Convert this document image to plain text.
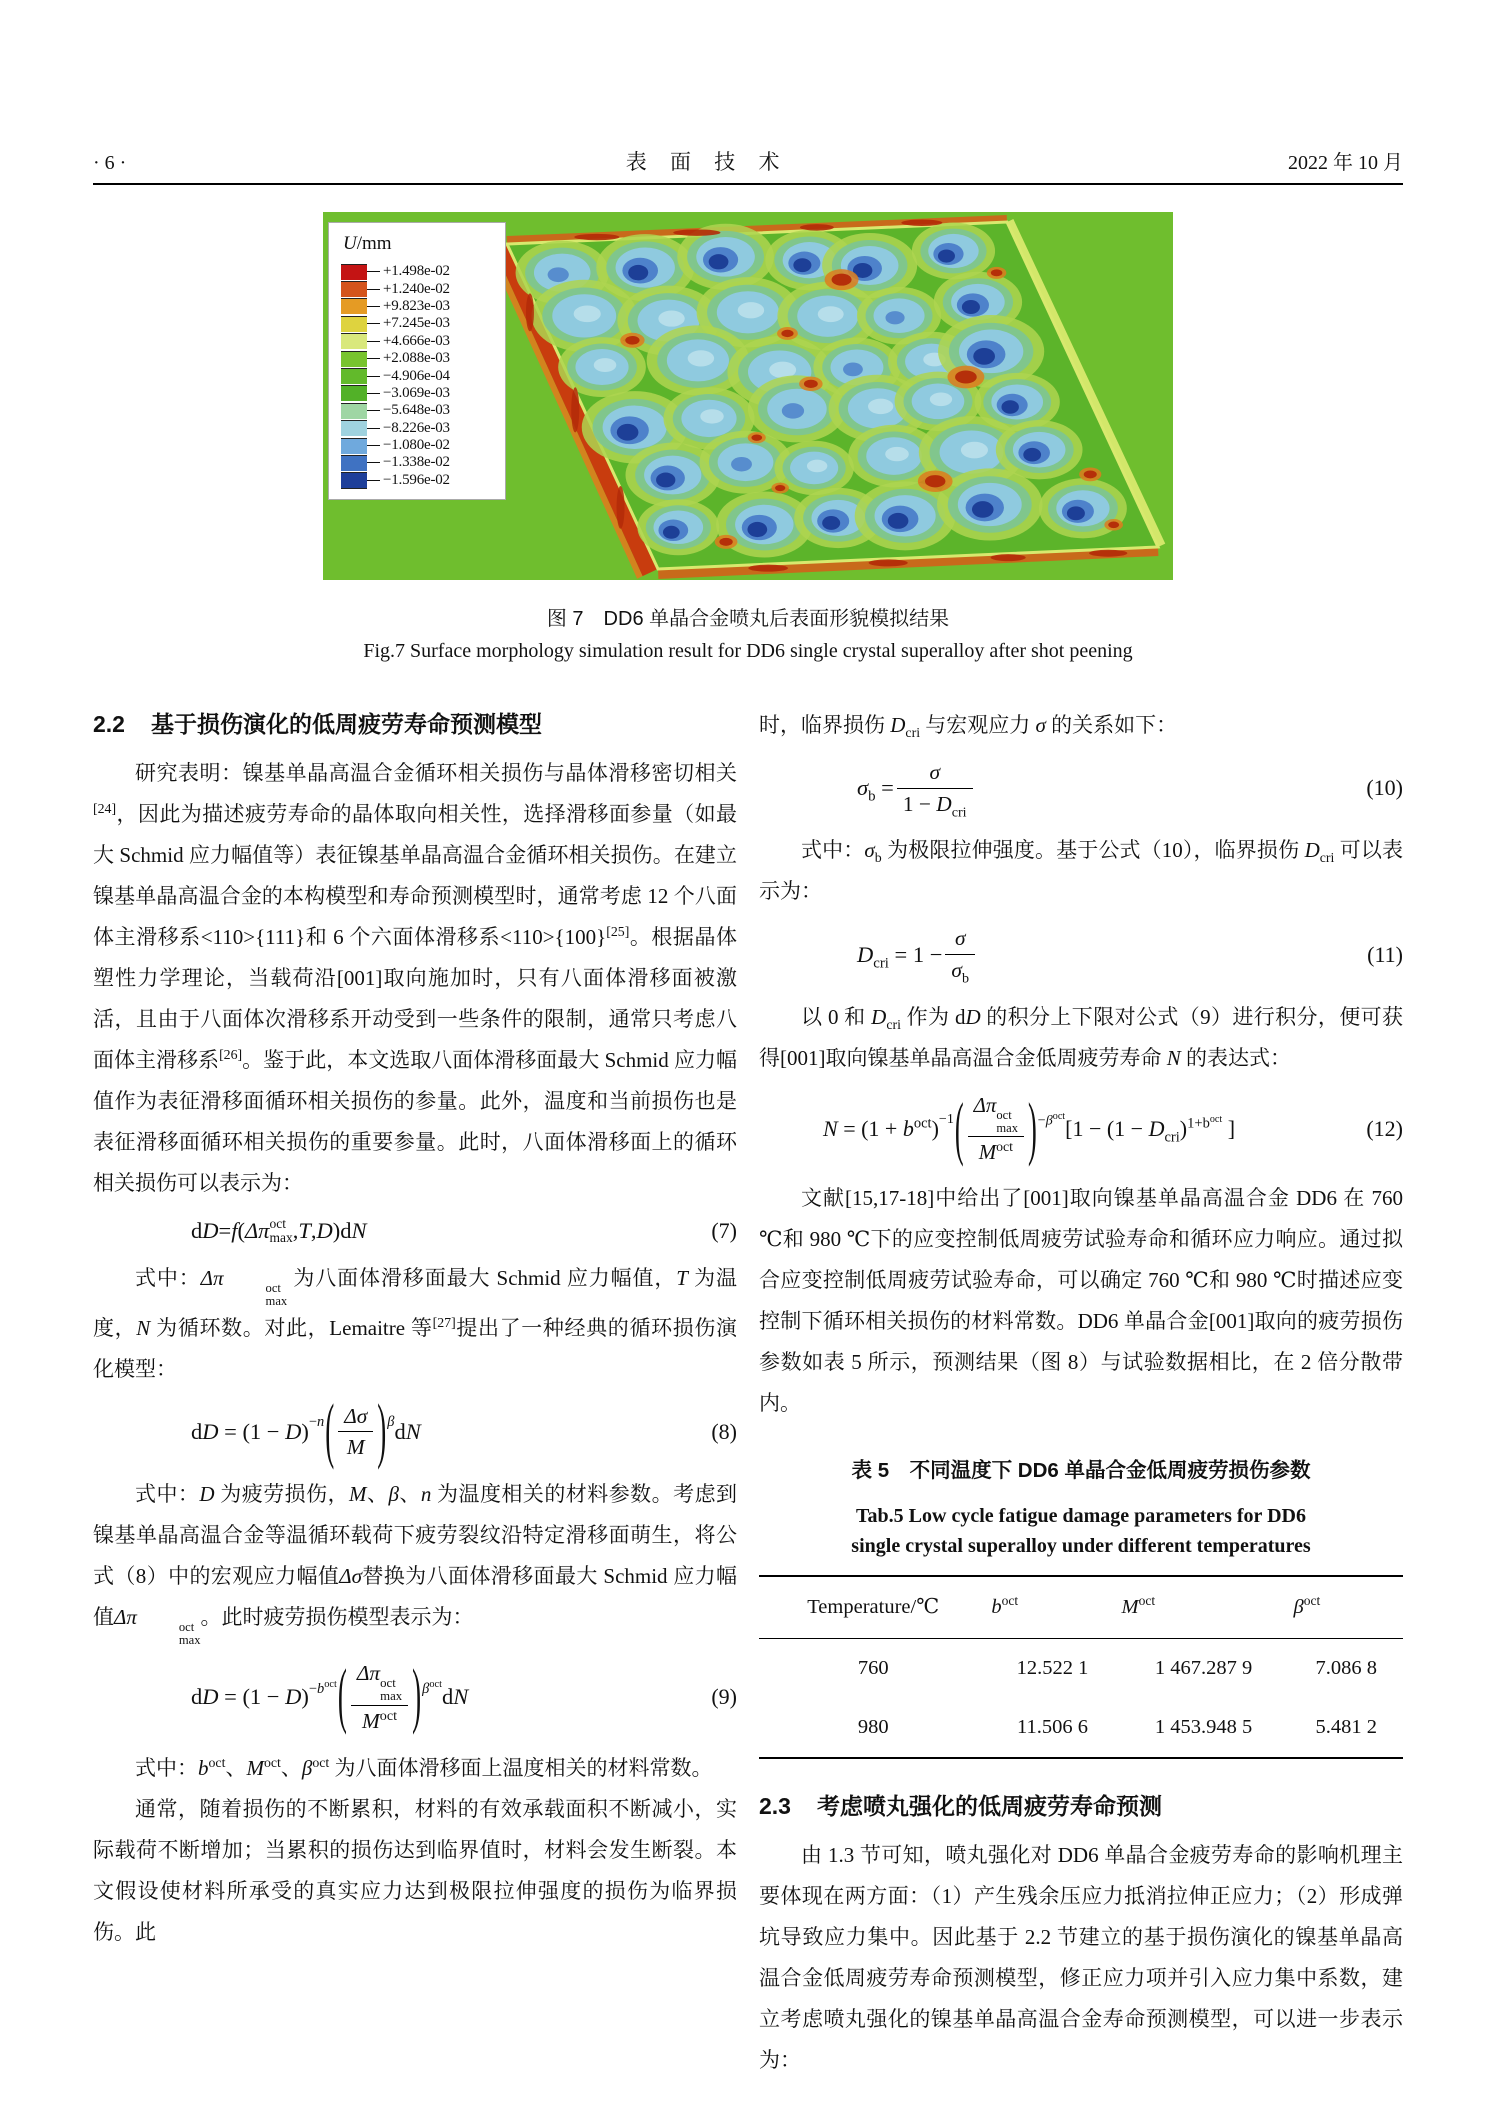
· 6 ·	表 面 技 术	2022 年 10 月
U/mm
+1.498e-02
+1.240e-02
+9.823e-03
+7.245e-03
+4.666e-03
+2.088e-03
−4.906e-04
−3.069e-03
−5.648e-03
−8.226e-03
−1.080e-02
−1.338e-02
−1.596e-02
图 7　DD6 单晶合金喷丸后表面形貌模拟结果
Fig.7 Surface morphology simulation result for DD6 single crystal superalloy after shot peening
2.2 基于损伤演化的低周疲劳寿命预测模型

研究表明：镍基单晶高温合金循环相关损伤与晶体滑移密切相关[24]，因此为描述疲劳寿命的晶体取向相关性，选择滑移面参量（如最大 Schmid 应力幅值等）表征镍基单晶高温合金循环相关损伤。在建立镍基单晶高温合金的本构模型和寿命预测模型时，通常考虑 12 个八面体主滑移系<110>{111}和 6 个六面体滑移系<110>{100}[25]。根据晶体塑性力学理论，当载荷沿[001]取向施加时，只有八面体滑移面被激活，且由于八面体次滑移系开动受到一些条件的限制，通常只考虑八面体主滑移系[26]。鉴于此，本文选取八面体滑移面最大 Schmid 应力幅值作为表征滑移面循环相关损伤的参量。此外，温度和当前损伤也是表征滑移面循环相关损伤的重要参量。此时，八面体滑移面上的循环相关损伤可以表示为：

d D = f ( Δπ oct
max , T , D )d N	(7)

式中：Δπ	oct
max
为八面体滑移面最大 Schmid 应力幅值，T 为温度，N 为循环数。对此，Lemaitre 等[27]提出了一种经典的循环损伤演化模型：

dD = (1 − D) $^{-n}$ ( $\frac{\Delta\sigma}{M}$ ) $^\beta$ dN	(8)

式中：D 为疲劳损伤，M、β、n 为温度相关的材料参数。考虑到镍基单晶高温合金等温循环载荷下疲劳裂纹沿特定滑移面萌生，将公式（8）中的宏观应力幅值Δσ替换为八面体滑移面最大 Schmid 应力幅值Δπ	oct
max
。此时疲劳损伤模型表示为：

dD = (1 − D) $^{-b^{oct}}$ ( Δπ oct
max
$M^{oct}$ ) $^{\beta^{oct}}$ dN	(9)

式中：$b^{oct}$、$M^{oct}$、$\beta^{oct}$ 为八面体滑移面上温度相关的材料常数。

通常，随着损伤的不断累积，材料的有效承载面积不断减小，实际载荷不断增加；当累积的损伤达到临界值时，材料会发生断裂。本文假设使材料所承受的真实应力达到极限拉伸强度的损伤为临界损伤。此

时，临界损伤 $D_{cri}$ 与宏观应力 σ 的关系如下：

$\sigma_b = \frac{\sigma}{1 - D_{cri}}$	(10)

式中：$\sigma_b$ 为极限拉伸强度。基于公式（10），临界损伤 $D_{cri}$ 可以表示为：

$D_{cri} = 1 - \frac{\sigma}{\sigma_b}$	(11)

以 0 和 $D_{cri}$ 作为 dD 的积分上下限对公式（9）进行积分，便可获得[001]取向镍基单晶高温合金低周疲劳寿命 N 的表达式：

$N = (1 + b^{oct})$ $^{-1}$ ( Δπ oct
max
$M^{oct}$ ) $^{-\beta^{oct}}$ [$1 - (1 - D_{cri})^{1+boct}$ ]	(12)

文献[15,17-18]中给出了[001]取向镍基单晶高温合金 DD6 在 760 ℃和 980 ℃下的应变控制低周疲劳试验寿命和循环应力响应。通过拟合应变控制低周疲劳试验寿命，可以确定 760 ℃和 980 ℃时描述应变控制下循环相关损伤的材料常数。DD6 单晶合金[001]取向的疲劳损伤参数如表 5 所示，预测结果（图 8）与试验数据相比，在 2 倍分散带内。

表 5　不同温度下 DD6 单晶合金低周疲劳损伤参数
Tab.5 Low cycle fatigue damage parameters for DD6
single crystal superalloy under different temperatures
Temperature/℃	$b^{oct}$	$M^{oct}$	$\beta^{oct}$
760	12.522 1	1 467.287 9	7.086 8
980	11.506 6	1 453.948 5	5.481 2
2.3 考虑喷丸强化的低周疲劳寿命预测

由 1.3 节可知，喷丸强化对 DD6 单晶合金疲劳寿命的影响机理主要体现在两方面：（1）产生残余压应力抵消拉伸正应力；（2）形成弹坑导致应力集中。因此基于 2.2 节建立的基于损伤演化的镍基单晶高温合金低周疲劳寿命预测模型，修正应力项并引入应力集中系数，建立考虑喷丸强化的镍基单晶高温合金寿命预测模型，可以进一步表示为：
